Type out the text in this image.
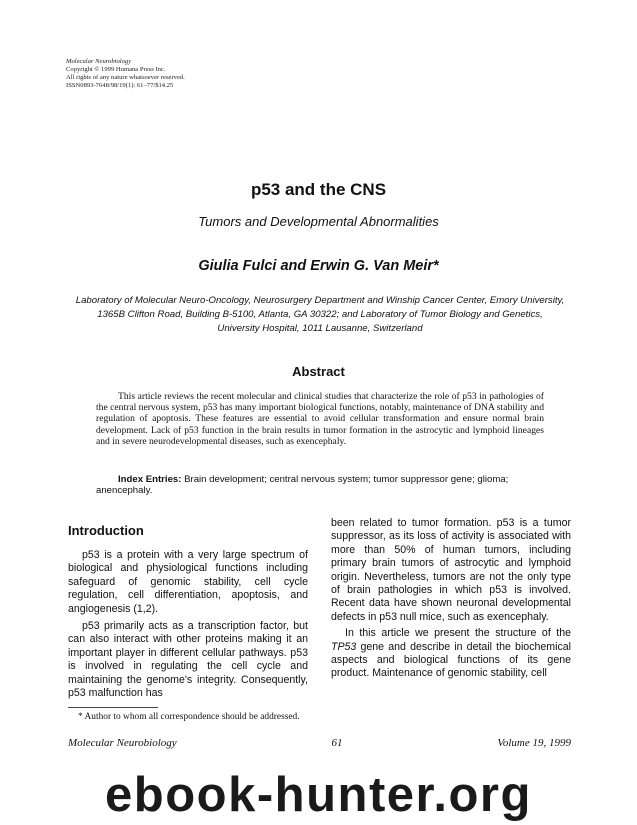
Molecular Neurobiology
Copyright © 1999 Humana Press Inc.
All rights of any nature whatsoever reserved.
ISSN0893-7648/98/19(1): 61–77/$14.25
p53 and the CNS
Tumors and Developmental Abnormalities
Giulia Fulci and Erwin G. Van Meir*
Laboratory of Molecular Neuro-Oncology, Neurosurgery Department and Winship Cancer Center, Emory University, 1365B Clifton Road, Building B-5100, Atlanta, GA 30322; and Laboratory of Tumor Biology and Genetics, University Hospital, 1011 Lausanne, Switzerland
Abstract
This article reviews the recent molecular and clinical studies that characterize the role of p53 in pathologies of the central nervous system, p53 has many important biological functions, notably, maintenance of DNA stability and regulation of apoptosis. These features are essential to avoid cellular transformation and ensure normal brain development. Lack of p53 function in the brain results in tumor formation in the astrocytic and lymphoid lineages and in severe neurodevelopmental diseases, such as exencephaly.
Index Entries: Brain development; central nervous system; tumor suppressor gene; glioma; anencephaly.
Introduction

p53 is a protein with a very large spectrum of biological and physiological functions including safeguard of genomic stability, cell cycle regulation, cell differentiation, apoptosis, and angiogenesis (1,2).

p53 primarily acts as a transcription factor, but can also interact with other proteins making it an important player in different cellular pathways. p53 is involved in regulating the cell cycle and maintaining the genome's integrity. Consequently, p53 malfunction has

been related to tumor formation. p53 is a tumor suppressor, as its loss of activity is associated with more than 50% of human tumors, including primary brain tumors of astrocytic and lymphoid origin. Nevertheless, tumors are not the only type of brain pathologies in which p53 is involved. Recent data have shown neuronal developmental defects in p53 null mice, such as exencephaly.

In this article we present the structure of the TP53 gene and describe in detail the biochemical aspects and biological functions of its gene product. Maintenance of genomic stability, cell

* Author to whom all correspondence should be addressed.
Molecular Neurobiology	61	Volume 19, 1999
ebook-hunter.org
